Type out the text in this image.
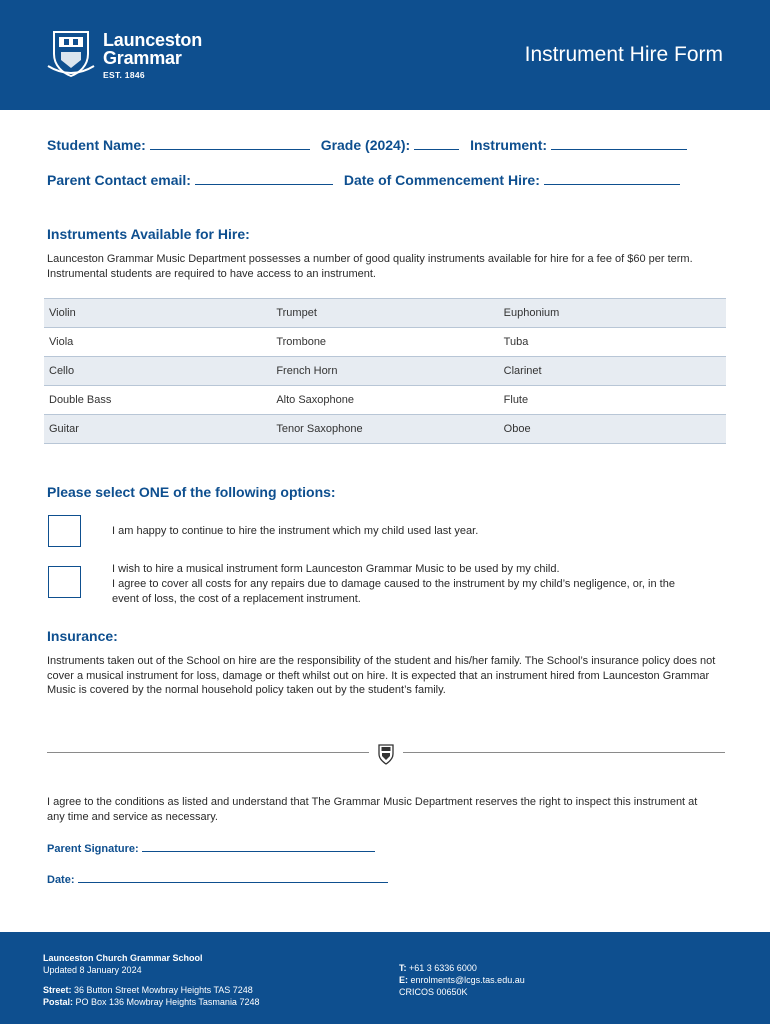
Launceston
Grammar
EST. 1846
Instrument Hire Form
Student Name:	Grade (2024):	Instrument:
Parent Contact email:	Date of Commencement Hire:
Instruments Available for Hire:
Launceston Grammar Music Department possesses a number of good quality instruments available for hire for a fee of $60 per term. Instrumental students are required to have access to an instrument.
Violin	Trumpet	Euphonium
Viola	Trombone	Tuba
Cello	French Horn	Clarinet
Double Bass	Alto Saxophone	Flute
Guitar	Tenor Saxophone	Oboe
Please select ONE of the following options:
I am happy to continue to hire the instrument which my child used last year.
I wish to hire a musical instrument form Launceston Grammar Music to be used by my child.
I agree to cover all costs for any repairs due to damage caused to the instrument by my child’s negligence, or, in the event of loss, the cost of a replacement instrument.
Insurance:
Instruments taken out of the School on hire are the responsibility of the student and his/her family. The School’s insurance policy does not cover a musical instrument for loss, damage or theft whilst out on hire. It is expected that an instrument hired from Launceston Grammar Music is covered by the normal household policy taken out by the student’s family.
I agree to the conditions as listed and understand that The Grammar Music Department reserves the right to inspect this instrument at any time and service as necessary.
Parent Signature:
Date:
Launceston Church Grammar School
Updated 8 January 2024
Street: 36 Button Street Mowbray Heights TAS 7248
Postal: PO Box 136 Mowbray Heights Tasmania 7248
T: +61 3 6336 6000
E: enrolments@lcgs.tas.edu.au
CRICOS 00650K
